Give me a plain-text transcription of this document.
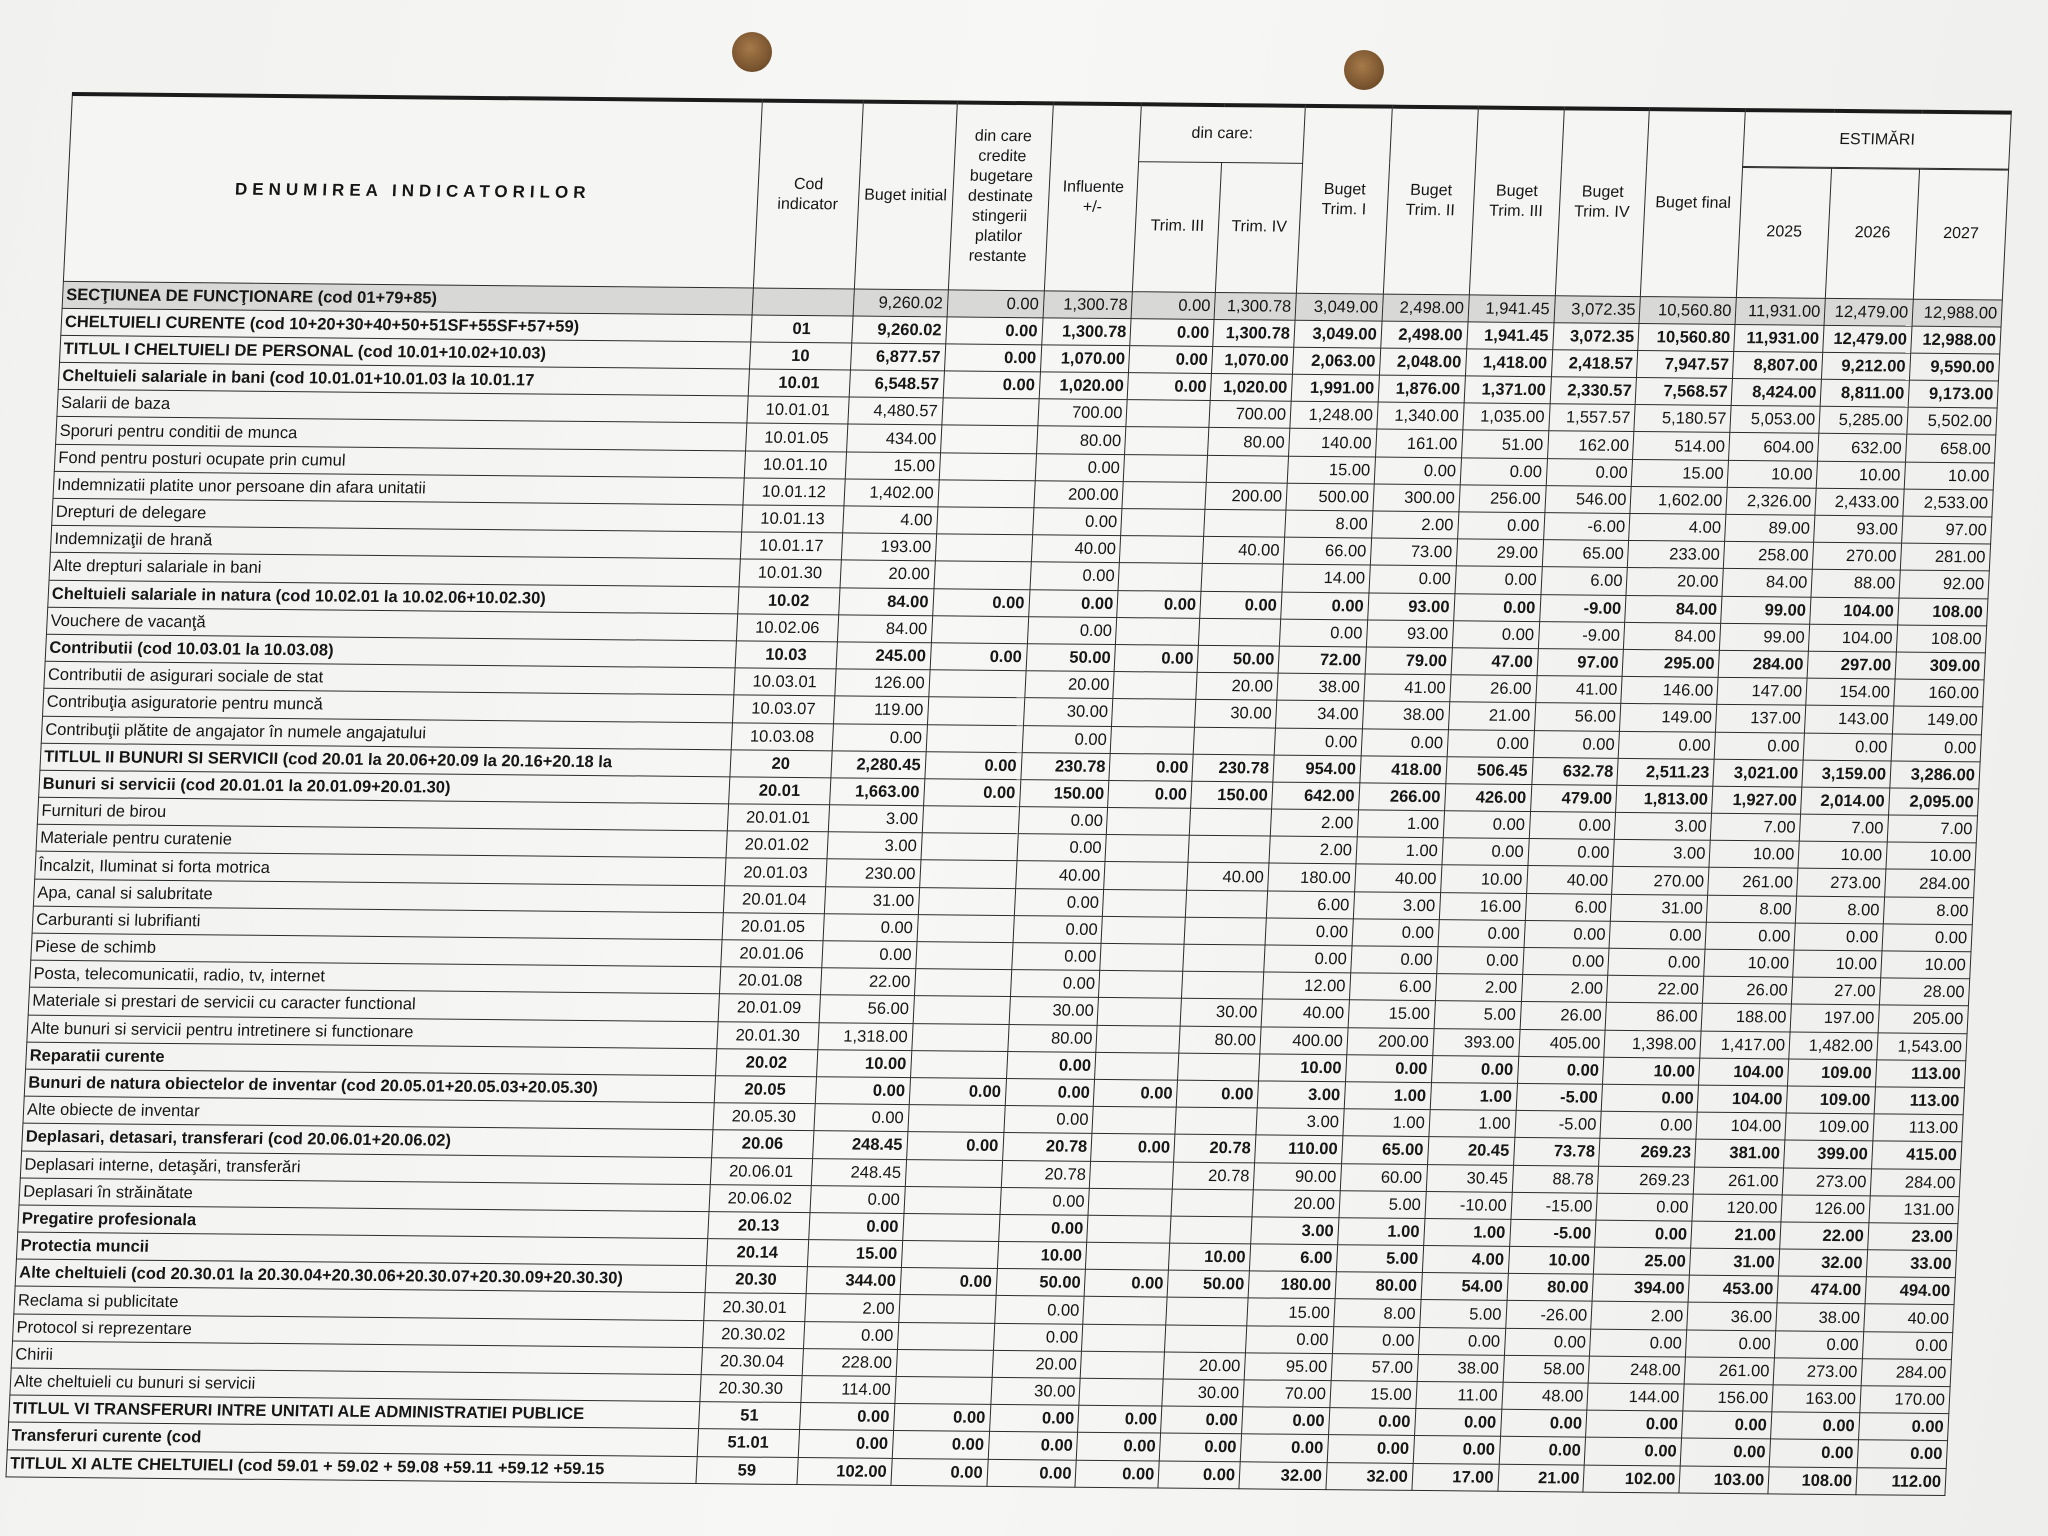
DENUMIREA INDICATORILOR	Cod indicator	Buget initial	din care credite bugetare destinate stingerii platilor restante	Influente +/-	din care:		Buget Trim. I	Buget Trim. II	Buget Trim. III	Buget Trim. IV	Buget final	ESTIMĂRI		

					Trim. III	Trim. IV						2025	2026	2027
SECŢIUNEA DE FUNCŢIONARE (cod 01+79+85)		9,260.02	0.00	1,300.78	0.00	1,300.78	3,049.00	2,498.00	1,941.45	3,072.35	10,560.80	11,931.00	12,479.00	12,988.00
CHELTUIELI CURENTE (cod 10+20+30+40+50+51SF+55SF+57+59)	01	9,260.02	0.00	1,300.78	0.00	1,300.78	3,049.00	2,498.00	1,941.45	3,072.35	10,560.80	11,931.00	12,479.00	12,988.00
TITLUL I CHELTUIELI DE PERSONAL (cod 10.01+10.02+10.03)	10	6,877.57	0.00	1,070.00	0.00	1,070.00	2,063.00	2,048.00	1,418.00	2,418.57	7,947.57	8,807.00	9,212.00	9,590.00
Cheltuieli salariale in bani (cod 10.01.01+10.01.03 la 10.01.17	10.01	6,548.57	0.00	1,020.00	0.00	1,020.00	1,991.00	1,876.00	1,371.00	2,330.57	7,568.57	8,424.00	8,811.00	9,173.00
Salarii de baza	10.01.01	4,480.57		700.00		700.00	1,248.00	1,340.00	1,035.00	1,557.57	5,180.57	5,053.00	5,285.00	5,502.00
Sporuri pentru conditii de munca	10.01.05	434.00		80.00		80.00	140.00	161.00	51.00	162.00	514.00	604.00	632.00	658.00
Fond pentru posturi ocupate prin cumul	10.01.10	15.00		0.00			15.00	0.00	0.00	0.00	15.00	10.00	10.00	10.00
Indemnizatii platite unor persoane din afara unitatii	10.01.12	1,402.00		200.00		200.00	500.00	300.00	256.00	546.00	1,602.00	2,326.00	2,433.00	2,533.00
Drepturi de delegare	10.01.13	4.00		0.00			8.00	2.00	0.00	-6.00	4.00	89.00	93.00	97.00
Indemnizaţii de hrană	10.01.17	193.00		40.00		40.00	66.00	73.00	29.00	65.00	233.00	258.00	270.00	281.00
Alte drepturi salariale in bani	10.01.30	20.00		0.00			14.00	0.00	0.00	6.00	20.00	84.00	88.00	92.00
Cheltuieli salariale in natura (cod 10.02.01 la 10.02.06+10.02.30)	10.02	84.00	0.00	0.00	0.00	0.00	0.00	93.00	0.00	-9.00	84.00	99.00	104.00	108.00
Vouchere de vacanţă	10.02.06	84.00		0.00			0.00	93.00	0.00	-9.00	84.00	99.00	104.00	108.00
Contributii (cod 10.03.01 la 10.03.08)	10.03	245.00	0.00	50.00	0.00	50.00	72.00	79.00	47.00	97.00	295.00	284.00	297.00	309.00
Contributii de asigurari sociale de stat	10.03.01	126.00		20.00		20.00	38.00	41.00	26.00	41.00	146.00	147.00	154.00	160.00
Contribuţia asiguratorie pentru muncă	10.03.07	119.00		30.00		30.00	34.00	38.00	21.00	56.00	149.00	137.00	143.00	149.00
Contribuţii plătite de angajator în numele angajatului	10.03.08	0.00		0.00			0.00	0.00	0.00	0.00	0.00	0.00	0.00	0.00
TITLUL II BUNURI SI SERVICII (cod 20.01 la 20.06+20.09 la 20.16+20.18 la	20	2,280.45	0.00	230.78	0.00	230.78	954.00	418.00	506.45	632.78	2,511.23	3,021.00	3,159.00	3,286.00
Bunuri si servicii (cod 20.01.01 la 20.01.09+20.01.30)	20.01	1,663.00	0.00	150.00	0.00	150.00	642.00	266.00	426.00	479.00	1,813.00	1,927.00	2,014.00	2,095.00
Furnituri de birou	20.01.01	3.00		0.00			2.00	1.00	0.00	0.00	3.00	7.00	7.00	7.00
Materiale pentru curatenie	20.01.02	3.00		0.00			2.00	1.00	0.00	0.00	3.00	10.00	10.00	10.00
Încalzit, Iluminat si forta motrica	20.01.03	230.00		40.00		40.00	180.00	40.00	10.00	40.00	270.00	261.00	273.00	284.00
Apa, canal si salubritate	20.01.04	31.00		0.00			6.00	3.00	16.00	6.00	31.00	8.00	8.00	8.00
Carburanti si lubrifianti	20.01.05	0.00		0.00			0.00	0.00	0.00	0.00	0.00	0.00	0.00	0.00
Piese de schimb	20.01.06	0.00		0.00			0.00	0.00	0.00	0.00	0.00	10.00	10.00	10.00
Posta, telecomunicatii, radio, tv, internet	20.01.08	22.00		0.00			12.00	6.00	2.00	2.00	22.00	26.00	27.00	28.00
Materiale si prestari de servicii cu caracter functional	20.01.09	56.00		30.00		30.00	40.00	15.00	5.00	26.00	86.00	188.00	197.00	205.00
Alte bunuri si servicii pentru intretinere si functionare	20.01.30	1,318.00		80.00		80.00	400.00	200.00	393.00	405.00	1,398.00	1,417.00	1,482.00	1,543.00
Reparatii curente	20.02	10.00		0.00			10.00	0.00	0.00	0.00	10.00	104.00	109.00	113.00
Bunuri de natura obiectelor de inventar (cod 20.05.01+20.05.03+20.05.30)	20.05	0.00	0.00	0.00	0.00	0.00	3.00	1.00	1.00	-5.00	0.00	104.00	109.00	113.00
Alte obiecte de inventar	20.05.30	0.00		0.00			3.00	1.00	1.00	-5.00	0.00	104.00	109.00	113.00
Deplasari, detasari, transferari (cod 20.06.01+20.06.02)	20.06	248.45	0.00	20.78	0.00	20.78	110.00	65.00	20.45	73.78	269.23	381.00	399.00	415.00
Deplasari interne, detaşări, transferări	20.06.01	248.45		20.78		20.78	90.00	60.00	30.45	88.78	269.23	261.00	273.00	284.00
Deplasari în străinătate	20.06.02	0.00		0.00			20.00	5.00	-10.00	-15.00	0.00	120.00	126.00	131.00
Pregatire profesionala	20.13	0.00		0.00			3.00	1.00	1.00	-5.00	0.00	21.00	22.00	23.00
Protectia muncii	20.14	15.00		10.00		10.00	6.00	5.00	4.00	10.00	25.00	31.00	32.00	33.00
Alte cheltuieli (cod 20.30.01 la 20.30.04+20.30.06+20.30.07+20.30.09+20.30.30)	20.30	344.00	0.00	50.00	0.00	50.00	180.00	80.00	54.00	80.00	394.00	453.00	474.00	494.00
Reclama si publicitate	20.30.01	2.00		0.00			15.00	8.00	5.00	-26.00	2.00	36.00	38.00	40.00
Protocol si reprezentare	20.30.02	0.00		0.00			0.00	0.00	0.00	0.00	0.00	0.00	0.00	0.00
Chirii	20.30.04	228.00		20.00		20.00	95.00	57.00	38.00	58.00	248.00	261.00	273.00	284.00
Alte cheltuieli cu bunuri si servicii	20.30.30	114.00		30.00		30.00	70.00	15.00	11.00	48.00	144.00	156.00	163.00	170.00
TITLUL VI TRANSFERURI INTRE UNITATI ALE ADMINISTRATIEI PUBLICE	51	0.00	0.00	0.00	0.00	0.00	0.00	0.00	0.00	0.00	0.00	0.00	0.00	0.00
Transferuri curente (cod	51.01	0.00	0.00	0.00	0.00	0.00	0.00	0.00	0.00	0.00	0.00	0.00	0.00	0.00
TITLUL XI ALTE CHELTUIELI (cod 59.01 + 59.02 + 59.08 +59.11 +59.12 +59.15	59	102.00	0.00	0.00	0.00	0.00	32.00	32.00	17.00	21.00	102.00	103.00	108.00	112.00
